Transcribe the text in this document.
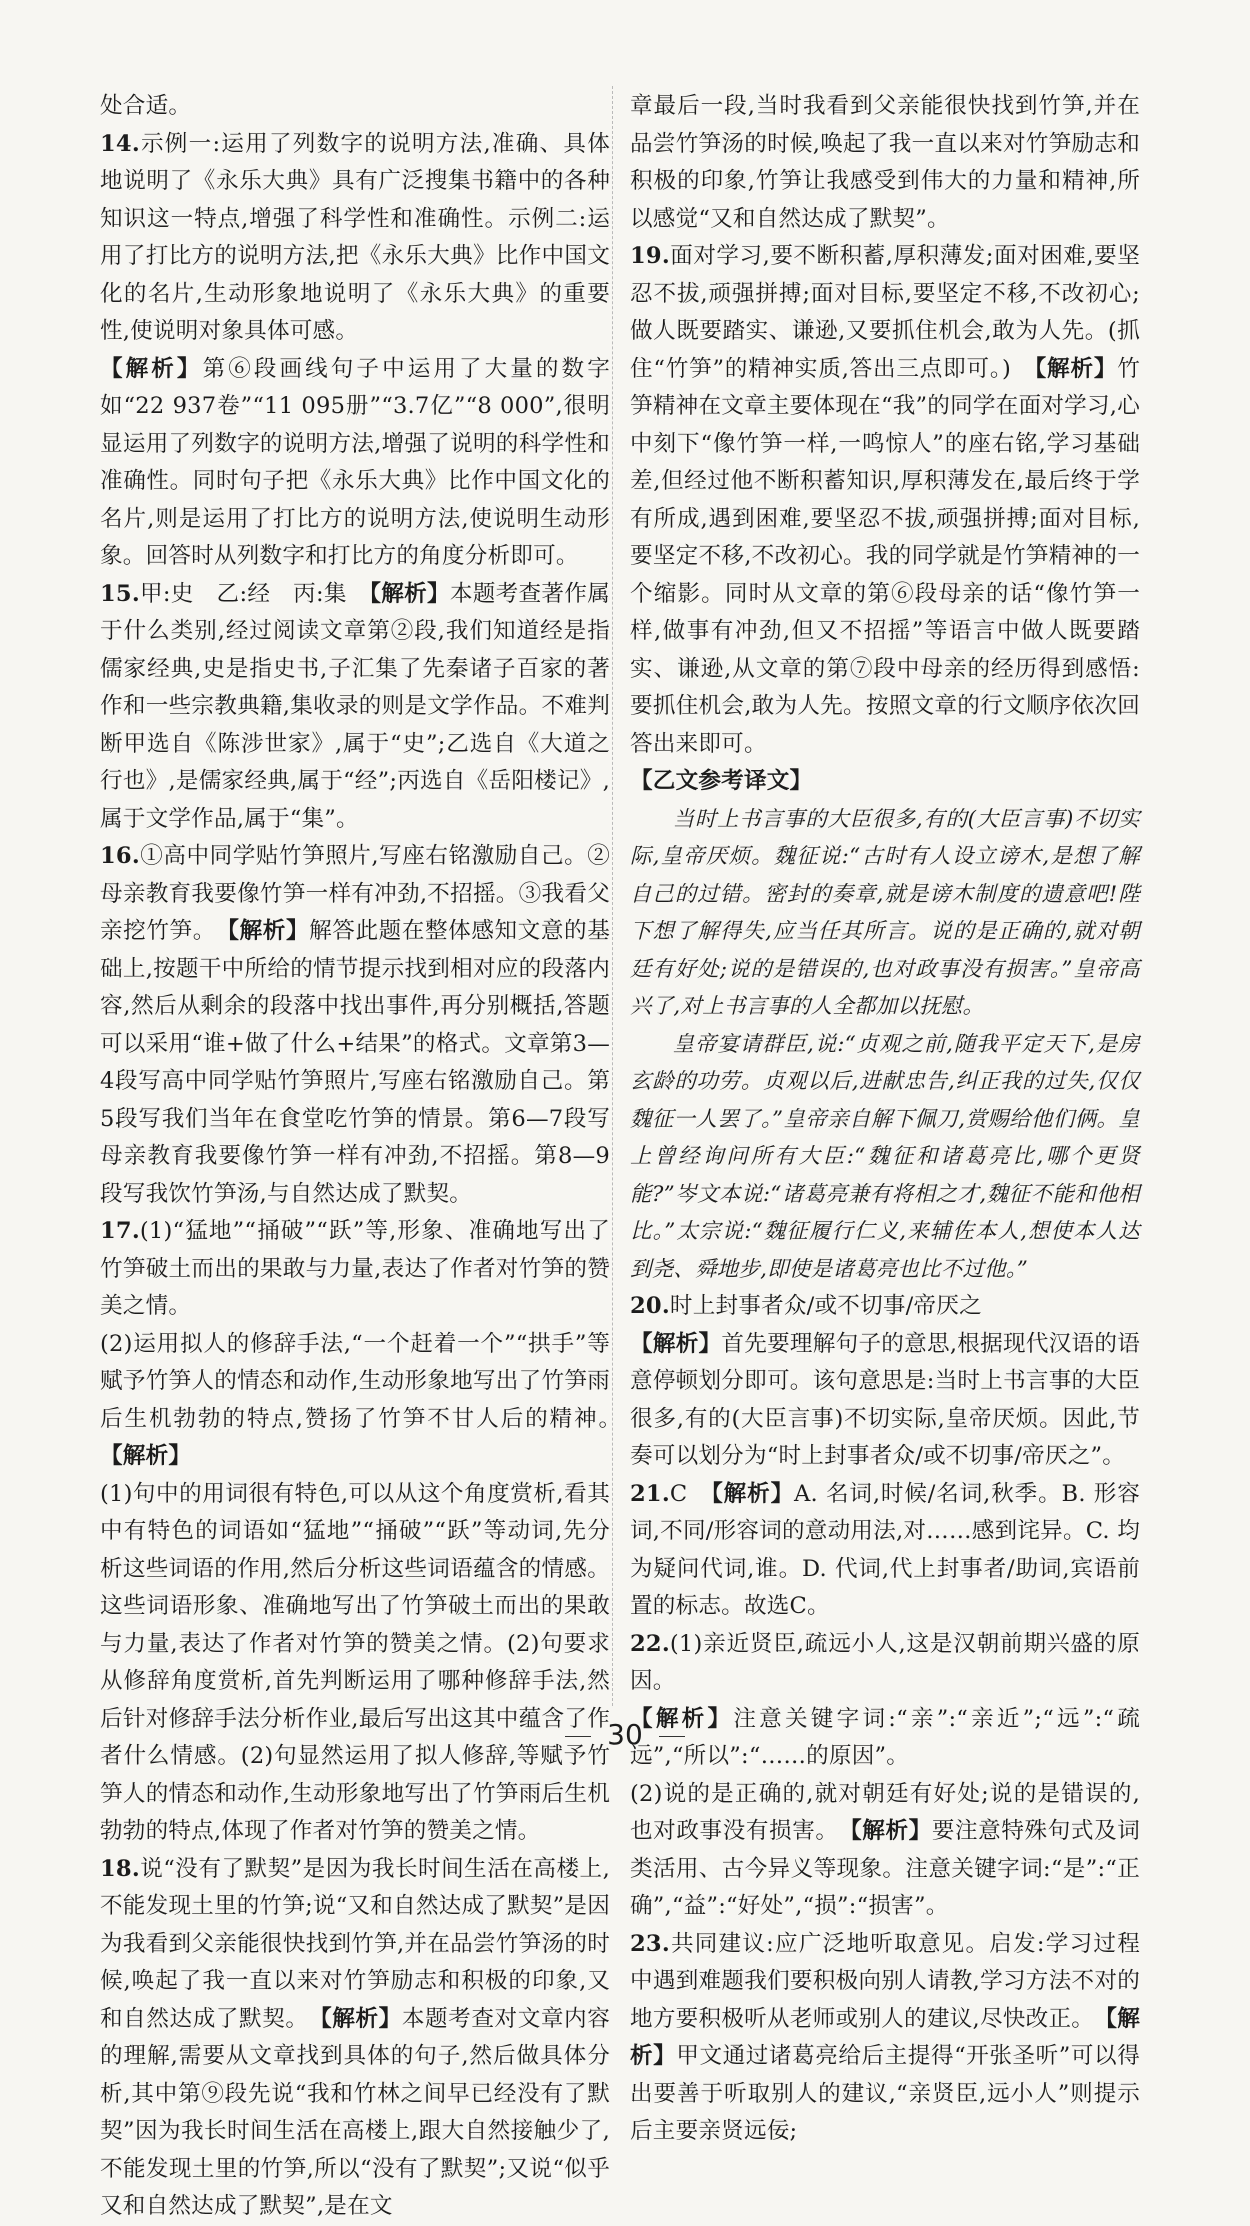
处合适。

14.示例一:运用了列数字的说明方法,准确、具体地说明了《永乐大典》具有广泛搜集书籍中的各种知识这一特点,增强了科学性和准确性。示例二:运用了打比方的说明方法,把《永乐大典》比作中国文化的名片,生动形象地说明了《永乐大典》的重要性,使说明对象具体可感。

【解析】第⑥段画线句子中运用了大量的数字如“22 937卷”“11 095册”“3.7亿”“8 000”,很明显运用了列数字的说明方法,增强了说明的科学性和准确性。同时句子把《永乐大典》比作中国文化的名片,则是运用了打比方的说明方法,使说明生动形象。回答时从列数字和打比方的角度分析即可。

15.甲:史　乙:经　丙:集　【解析】本题考查著作属于什么类别,经过阅读文章第②段,我们知道经是指儒家经典,史是指史书,子汇集了先秦诸子百家的著作和一些宗教典籍,集收录的则是文学作品。不难判断甲选自《陈涉世家》,属于“史”;乙选自《大道之行也》,是儒家经典,属于“经”;丙选自《岳阳楼记》,属于文学作品,属于“集”。

16.①高中同学贴竹笋照片,写座右铭激励自己。②母亲教育我要像竹笋一样有冲劲,不招摇。③我看父亲挖竹笋。　【解析】解答此题在整体感知文意的基础上,按题干中所给的情节提示找到相对应的段落内容,然后从剩余的段落中找出事件,再分别概括,答题可以采用“谁+做了什么+结果”的格式。文章第3—4段写高中同学贴竹笋照片,写座右铭激励自己。第5段写我们当年在食堂吃竹笋的情景。第6—7段写母亲教育我要像竹笋一样有冲劲,不招摇。第8—9段写我饮竹笋汤,与自然达成了默契。

17.(1)“猛地”“捅破”“跃”等,形象、准确地写出了竹笋破土而出的果敢与力量,表达了作者对竹笋的赞美之情。

(2)运用拟人的修辞手法,“一个赶着一个”“拱手”等赋予竹笋人的情态和动作,生动形象地写出了竹笋雨后生机勃勃的特点,赞扬了竹笋不甘人后的精神。　【解析】

(1)句中的用词很有特色,可以从这个角度赏析,看其中有特色的词语如“猛地”“捅破”“跃”等动词,先分析这些词语的作用,然后分析这些词语蕴含的情感。这些词语形象、准确地写出了竹笋破土而出的果敢与力量,表达了作者对竹笋的赞美之情。(2)句要求从修辞角度赏析,首先判断运用了哪种修辞手法,然后针对修辞手法分析作业,最后写出这其中蕴含了作者什么情感。(2)句显然运用了拟人修辞,等赋予竹笋人的情态和动作,生动形象地写出了竹笋雨后生机勃勃的特点,体现了作者对竹笋的赞美之情。

18.说“没有了默契”是因为我长时间生活在高楼上,不能发现土里的竹笋;说“又和自然达成了默契”是因为我看到父亲能很快找到竹笋,并在品尝竹笋汤的时候,唤起了我一直以来对竹笋励志和积极的印象,又和自然达成了默契。　【解析】本题考查对文章内容的理解,需要从文章找到具体的句子,然后做具体分析,其中第⑨段先说“我和竹林之间早已经没有了默契”因为我长时间生活在高楼上,跟大自然接触少了,不能发现土里的竹笋,所以“没有了默契”;又说“似乎又和自然达成了默契”,是在文

章最后一段,当时我看到父亲能很快找到竹笋,并在品尝竹笋汤的时候,唤起了我一直以来对竹笋励志和积极的印象,竹笋让我感受到伟大的力量和精神,所以感觉“又和自然达成了默契”。

19.面对学习,要不断积蓄,厚积薄发;面对困难,要坚忍不拔,顽强拼搏;面对目标,要坚定不移,不改初心;做人既要踏实、谦逊,又要抓住机会,敢为人先。(抓住“竹笋”的精神实质,答出三点即可。)　【解析】竹笋精神在文章主要体现在“我”的同学在面对学习,心中刻下“像竹笋一样,一鸣惊人”的座右铭,学习基础差,但经过他不断积蓄知识,厚积薄发在,最后终于学有所成,遇到困难,要坚忍不拔,顽强拼搏;面对目标,要坚定不移,不改初心。我的同学就是竹笋精神的一个缩影。同时从文章的第⑥段母亲的话“像竹笋一样,做事有冲劲,但又不招摇”等语言中做人既要踏实、谦逊,从文章的第⑦段中母亲的经历得到感悟:要抓住机会,敢为人先。按照文章的行文顺序依次回答出来即可。

【乙文参考译文】

当时上书言事的大臣很多,有的(大臣言事)不切实际,皇帝厌烦。魏征说:“古时有人设立谤木,是想了解自己的过错。密封的奏章,就是谤木制度的遗意吧!陛下想了解得失,应当任其所言。说的是正确的,就对朝廷有好处;说的是错误的,也对政事没有损害。”皇帝高兴了,对上书言事的人全都加以抚慰。

皇帝宴请群臣,说:“贞观之前,随我平定天下,是房玄龄的功劳。贞观以后,进献忠告,纠正我的过失,仅仅魏征一人罢了。”皇帝亲自解下佩刀,赏赐给他们俩。皇上曾经询问所有大臣:“魏征和诸葛亮比,哪个更贤能?”岑文本说:“诸葛亮兼有将相之才,魏征不能和他相比。”太宗说:“魏征履行仁义,来辅佐本人,想使本人达到尧、舜地步,即使是诸葛亮也比不过他。”

20.时上封事者众/或不切事/帝厌之

【解析】首先要理解句子的意思,根据现代汉语的语意停顿划分即可。该句意思是:当时上书言事的大臣很多,有的(大臣言事)不切实际,皇帝厌烦。因此,节奏可以划分为“时上封事者众/或不切事/帝厌之”。

21.C　【解析】A. 名词,时候/名词,秋季。B. 形容词,不同/形容词的意动用法,对……感到诧异。C. 均为疑问代词,谁。D. 代词,代上封事者/助词,宾语前置的标志。故选C。

22.(1)亲近贤臣,疏远小人,这是汉朝前期兴盛的原因。

【解析】注意关键字词:“亲”:“亲近”;“远”:“疏远”,“所以”:“……的原因”。

(2)说的是正确的,就对朝廷有好处;说的是错误的,也对政事没有损害。　【解析】要注意特殊句式及词类活用、古今异义等现象。注意关键字词:“是”:“正确”,“益”:“好处”,“损”:“损害”。

23.共同建议:应广泛地听取意见。启发:学习过程中遇到难题我们要积极向别人请教,学习方法不对的地方要积极听从老师或别人的建议,尽快改正。　【解析】甲文通过诸葛亮给后主提得“开张圣听”可以得出要善于听取别人的建议,“亲贤臣,远小人”则提示后主要亲贤远佞;

30
